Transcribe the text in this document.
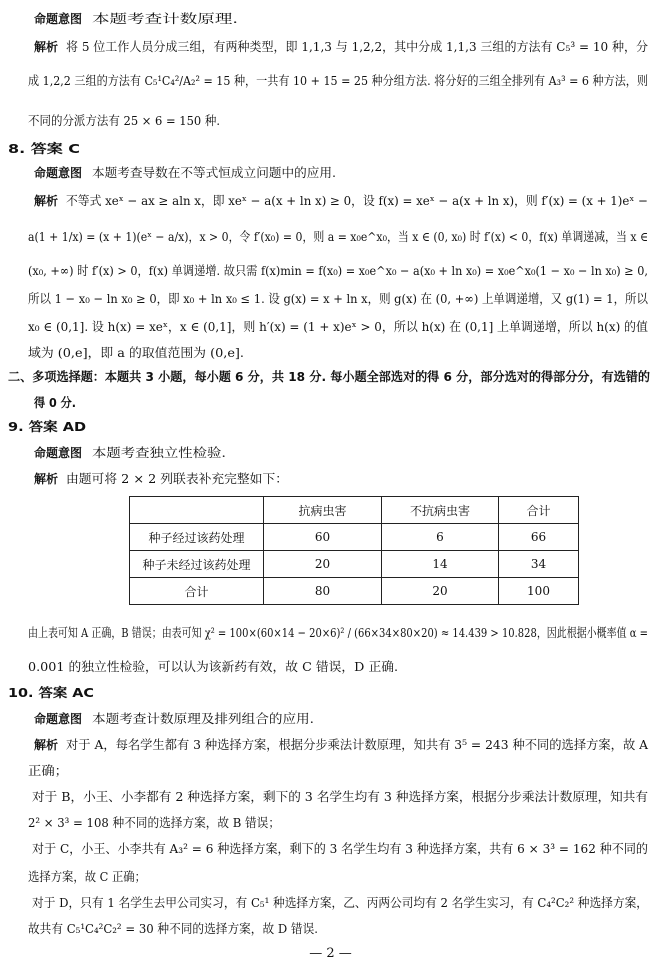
命题意图 本题考查计数原理.
解析 将 5 位工作人员分成三组，有两种类型，即 1,1,3 与 1,2,2，其中分成 1,1,3 三组的方法有 C₅³ = 10 种，分
成 1,2,2 三组的方法有 C₅¹C₄²/A₂² = 15 种，一共有 10 + 15 = 25 种分组方法. 将分好的三组全排列有 A₃³ = 6 种方法，则
不同的分派方法有 25 × 6 = 150 种.
8. 答案 C
命题意图 本题考查导数在不等式恒成立问题中的应用.
解析 不等式 xeˣ − ax ≥ aln x，即 xeˣ − a(x + ln x) ≥ 0，设 f(x) = xeˣ − a(x + ln x)，则 f′(x) = (x + 1)eˣ −
a(1 + 1/x) = (x + 1)(eˣ − a/x)，x > 0，令 f′(x₀) = 0，则 a = x₀e^x₀，当 x ∈ (0, x₀) 时 f′(x) < 0，f(x) 单调递减，当 x ∈
(x₀, +∞) 时 f′(x) > 0，f(x) 单调递增. 故只需 f(x)min = f(x₀) = x₀e^x₀ − a(x₀ + ln x₀) = x₀e^x₀(1 − x₀ − ln x₀) ≥ 0,
所以 1 − x₀ − ln x₀ ≥ 0，即 x₀ + ln x₀ ≤ 1. 设 g(x) = x + ln x，则 g(x) 在 (0, +∞) 上单调递增，又 g(1) = 1，所以
x₀ ∈ (0,1]. 设 h(x) = xeˣ，x ∈ (0,1]，则 h′(x) = (1 + x)eˣ > 0，所以 h(x) 在 (0,1] 上单调递增，所以 h(x) 的值
域为 (0,e]，即 a 的取值范围为 (0,e].
二、多项选择题：本题共 3 小题，每小题 6 分，共 18 分. 每小题全部选对的得 6 分，部分选对的得部分分，有选错的
得 0 分.
9. 答案 AD
命题意图 本题考查独立性检验.
解析 由题可将 2 × 2 列联表补充完整如下：
	抗病虫害	不抗病虫害	合计
种子经过该药处理	60	6	66
种子未经过该药处理	20	14	34
合计	80	20	100
由上表可知 A 正确，B 错误；由表可知 χ² = 100×(60×14 − 20×6)² / (66×34×80×20) ≈ 14.439 > 10.828，因此根据小概率值 α =
0.001 的独立性检验，可以认为该新药有效，故 C 错误，D 正确.
10. 答案 AC
命题意图 本题考查计数原理及排列组合的应用.
解析 对于 A，每名学生都有 3 种选择方案，根据分步乘法计数原理，知共有 3⁵ = 243 种不同的选择方案，故 A
正确；
对于 B，小王、小李都有 2 种选择方案，剩下的 3 名学生均有 3 种选择方案，根据分步乘法计数原理，知共有
2² × 3³ = 108 种不同的选择方案，故 B 错误；
对于 C，小王、小李共有 A₃² = 6 种选择方案，剩下的 3 名学生均有 3 种选择方案，共有 6 × 3³ = 162 种不同的
选择方案，故 C 正确；
对于 D，只有 1 名学生去甲公司实习，有 C₅¹ 种选择方案，乙、丙两公司均有 2 名学生实习，有 C₄²C₂² 种选择方案，
故共有 C₅¹C₄²C₂² = 30 种不同的选择方案，故 D 错误.
— 2 —
